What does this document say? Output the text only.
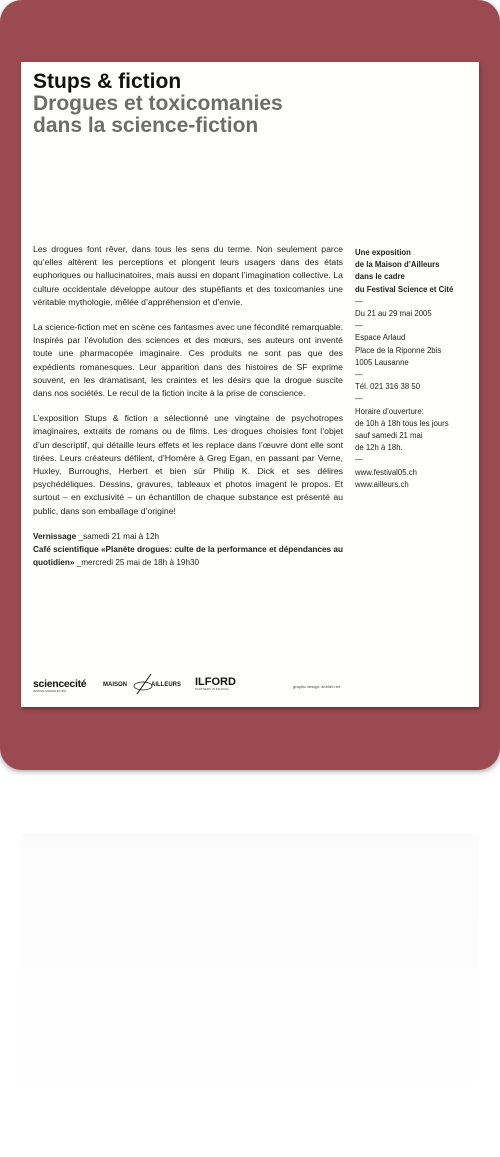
Stups & fiction
Drogues et toxicomanies
dans la science-fiction

Les drogues font rêver, dans tous les sens du terme. Non seulement parce qu’elles altèrent les perceptions et plongent leurs usagers dans des états euphoriques ou hallucinatoires, mais aussi en dopant l’imagination collective. La culture occidentale développe autour des stupéfiants et des toxicomanies une véritable mythologie, mêlée d’appréhension et d’envie.

La science-fiction met en scène ces fantasmes avec une fécondité remarquable. Inspirés par l’évolution des sciences et des mœurs, ses auteurs ont inventé toute une pharmacopée imaginaire. Ces produits ne sont pas que des expédients romanesques. Leur apparition dans des histoires de SF exprime souvent, en les dramatisant, les craintes et les désirs que la drogue suscite dans nos sociétés. Le recul de la fiction incite à la prise de conscience.

L’exposition Stups & fiction a sélectionné une vingtaine de psychotropes imaginaires, extraits de romans ou de films. Les drogues choisies font l’objet d’un descriptif, qui détaille leurs effets et les replace dans l’œuvre dont elle sont tirées. Leurs créateurs défilent, d’Homère à Greg Egan, en passant par Verne, Huxley, Burroughs, Herbert et bien sûr Philip K. Dick et ses délires psychédéliques. Dessins, gravures, tableaux et photos imagent le propos. Et surtout – en exclusivité – un échantillon de chaque substance est présenté au public, dans son emballage d’origine!

Vernissage _samedi 21 mai à 12h
Café scientifique «Planète drogues: culte de la performance et dépendances au quotidien» _mercredi 25 mai de 18h à 19h30
Une exposition
de la Maison d’Ailleurs
dans le cadre
du Festival Science et Cité
—
Du 21 au 29 mai 2005
—
Espace Arlaud
Place de la Riponne 2bis
1005 Lausanne
—
Tél. 021 316 38 50
—
Horaire d’ouverture:
de 10h à 18h tous les jours
sauf samedi 21 mai
de 12h à 18h.
—
www.festival05.ch
www.ailleurs.ch
sciencecité
FESTIVAL SCIENCE ET CITÉ
MAISON	AILLEURS ILFORD
PARTNERS IN IMAGING	graphic design: at-elier.net
